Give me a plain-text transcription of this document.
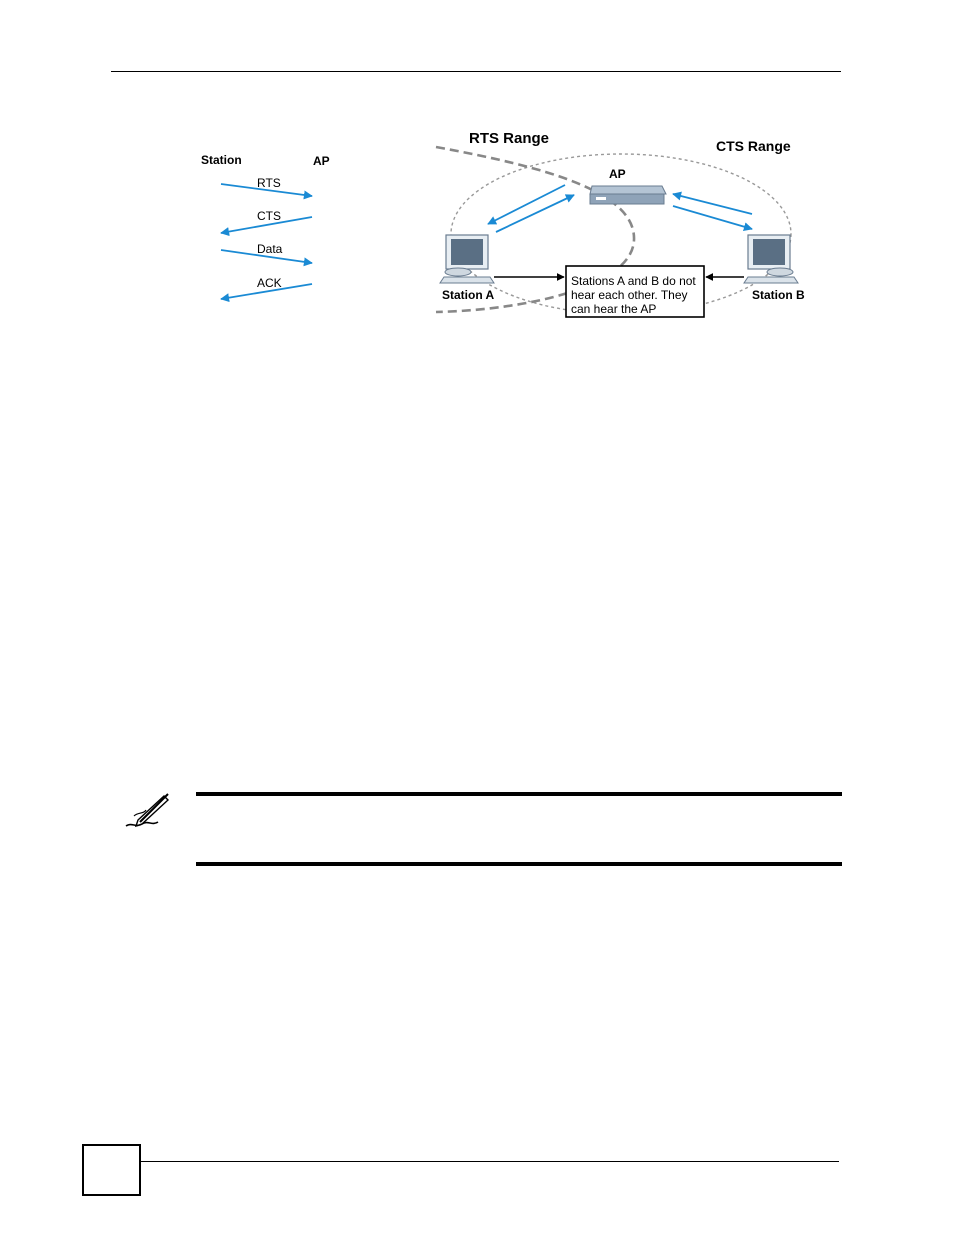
Station	AP
RTS
CTS
Data
ACK
RTS Range	CTS Range
AP
Station A	Station B
Stations A and B do not
hear each other. They
can hear the AP
